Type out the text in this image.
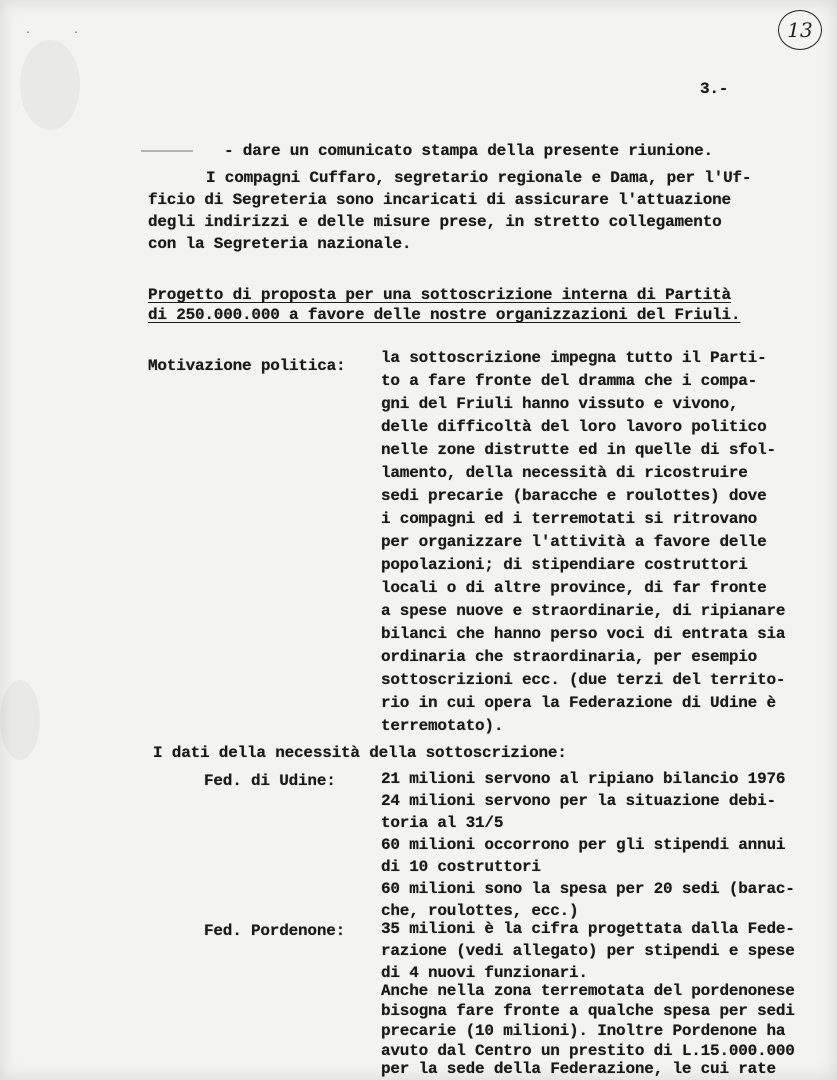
· ·	13
3.-
- dare un comunicato stampa della presente riunione.
I compagni Cuffaro, segretario regionale e Dama, per l'Uf-
ficio di Segreteria sono incaricati di assicurare l'attuazione
degli indirizzi e delle misure prese, in stretto collegamento
con la Segreteria nazionale.
Progetto di proposta per una sottoscrizione interna di Partità
di 250.000.000 a favore delle nostre organizzazioni del Friuli.
Motivazione politica: la sottoscrizione impegna tutto il Parti-
to a fare fronte del dramma che i compa-
gni del Friuli hanno vissuto e vivono,
delle difficoltà del loro lavoro politico
nelle zone distrutte ed in quelle di sfol-
lamento, della necessità di ricostruire
sedi precarie (baracche e roulottes) dove
i compagni ed i terremotati si ritrovano
per organizzare l'attività a favore delle
popolazioni; di stipendiare costruttori
locali o di altre province, di far fronte
a spese nuove e straordinarie, di ripianare
bilanci che hanno perso voci di entrata sia
ordinaria che straordinaria, per esempio
sottoscrizioni ecc. (due terzi del territo-
rio in cui opera la Federazione di Udine è
terremotato).
I dati della necessità della sottoscrizione:
Fed. di Udine:	21 milioni servono al ripiano bilancio 1976
24 milioni servono per la situazione debi-
toria al 31/5
60 milioni occorrono per gli stipendi annui
di 10 costruttori
60 milioni sono la spesa per 20 sedi (barac-
che, roulottes, ecc.)
Fed. Pordenone: 35 milioni è la cifra progettata dalla Fede-
razione (vedi allegato) per stipendi e spese
di 4 nuovi funzionari.
Anche nella zona terremotata del pordenonese
bisogna fare fronte a qualche spesa per sedi
precarie (10 milioni). Inoltre Pordenone ha
avuto dal Centro un prestito di L.15.000.000
per la sede della Federazione, le cui rate
